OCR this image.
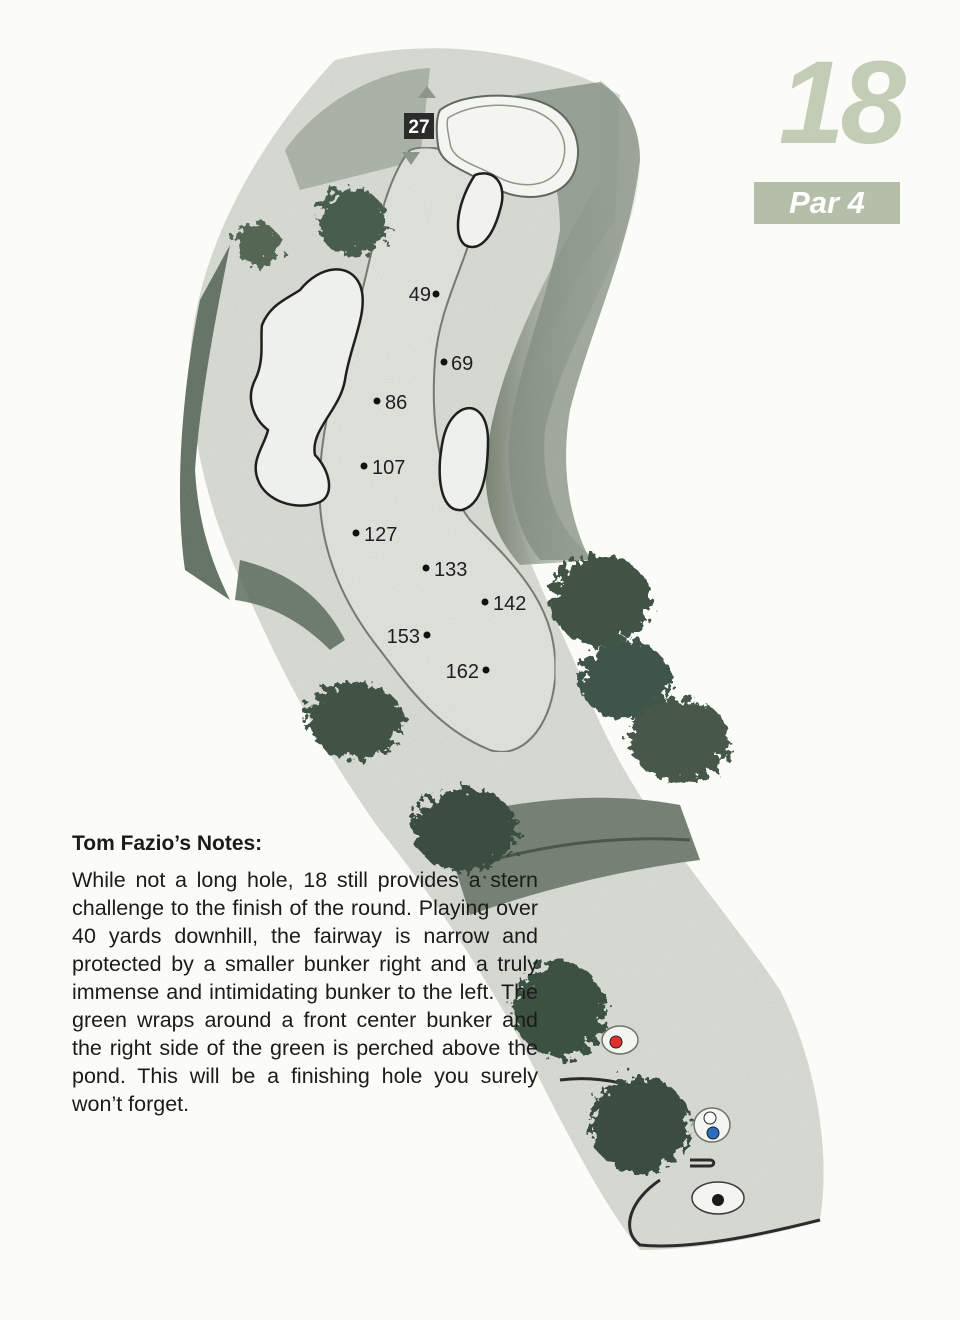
27
49
69
86
107
127
133
142
153
162
18
Par 4

Tom Fazio’s Notes:

While not a long hole, 18 still provides a stern challenge to the finish of the round. Playing over 40 yards downhill, the fairway is narrow and protected by a smaller bunker right and a truly immense and intimidating bunker to the left. The green wraps around a front center bunker and the right side of the green is perched above the pond. This will be a finishing hole you surely won’t forget.
